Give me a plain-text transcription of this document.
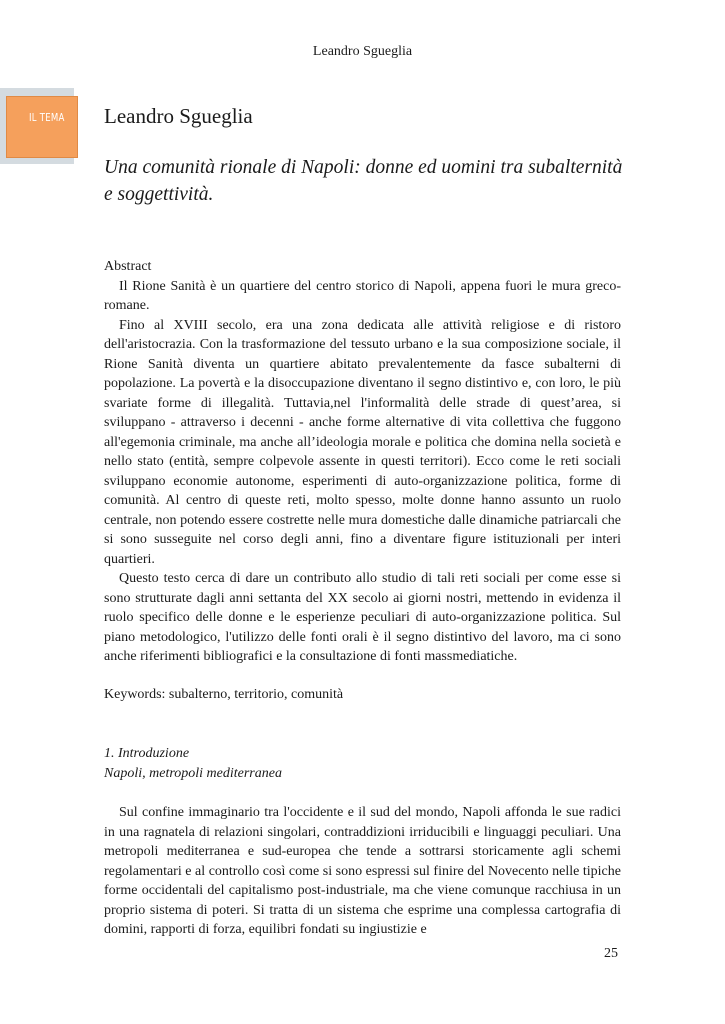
Leandro Sgueglia
IL TEMA Leandro Sgueglia
Una comunità rionale di Napoli: donne ed uomini tra subalternità e soggettività.

Abstract

Il Rione Sanità è un quartiere del centro storico di Napoli, appena fuori le mura greco-romane.

Fino al XVIII secolo, era una zona dedicata alle attività religiose e di ristoro dell'aristocrazia. Con la trasformazione del tessuto urbano e la sua composizione sociale, il Rione Sanità diventa un quartiere abitato prevalentemente da fasce subalterni di popolazione. La povertà e la disoccupazione diventano il segno distintivo e, con loro, le più svariate forme di illegalità. Tuttavia,nel l'informalità delle strade di quest’area, si sviluppano - attraverso i decenni - anche forme alternative di vita collettiva che fuggono all'egemonia criminale, ma anche all’ideologia morale e politica che domina nella società e nello stato (entità, sempre colpevole assente in questi territori). Ecco come le reti sociali sviluppano economie autonome, esperimenti di auto-organizzazione politica, forme di comunità. Al centro di queste reti, molto spesso, molte donne hanno assunto un ruolo centrale, non potendo essere costrette nelle mura domestiche dalle dinamiche patriarcali che si sono susseguite nel corso degli anni, fino a diventare figure istituzionali per interi quartieri.

Questo testo cerca di dare un contributo allo studio di tali reti sociali per come esse si sono strutturate dagli anni settanta del XX secolo ai giorni nostri, mettendo in evidenza il ruolo specifico delle donne e le esperienze peculiari di auto-organizzazione politica. Sul piano metodologico, l'utilizzo delle fonti orali è il segno distintivo del lavoro, ma ci sono anche riferimenti bibliografici e la consultazione di fonti massmediatiche.

Keywords: subalterno, territorio, comunità
1. Introduzione
Napoli, metropoli mediterranea

Sul confine immaginario tra l'occidente e il sud del mondo, Napoli affonda le sue radici in una ragnatela di relazioni singolari, contraddizioni irriducibili e linguaggi peculiari. Una metropoli mediterranea e sud-europea che tende a sottrarsi storicamente agli schemi regolamentari e al controllo così come si sono espressi sul finire del Novecento nelle tipiche forme occidentali del capitalismo post-industriale, ma che viene comunque racchiusa in un proprio sistema di poteri. Si tratta di un sistema che esprime una complessa cartografia di domini, rapporti di forza, equilibri fondati su ingiustizie e

25
